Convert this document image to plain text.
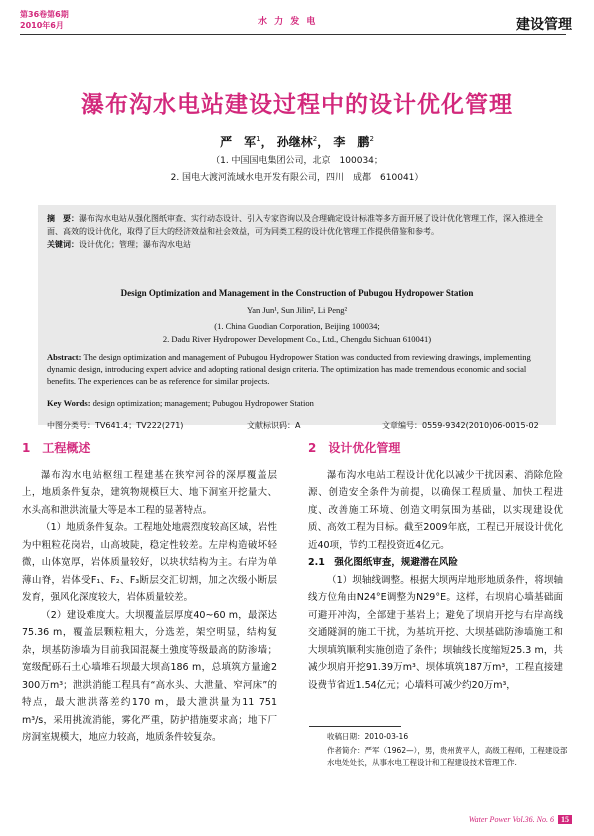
第36卷第6期
2010年6月	水 力 发 电	建设管理
瀑布沟水电站建设过程中的设计优化管理
严　军$^1$， 孙继林$^2$， 李　鹏$^2$
（1. 中国国电集团公司，北京　100034；
2. 国电大渡河流域水电开发有限公司，四川　成都　610041）
摘　要：瀑布沟水电站从强化图纸审查、实行动态设计、引入专家咨询以及合理确定设计标准等多方面开展了设计优化管理工作，深入推进全面、高效的设计优化，取得了巨大的经济效益和社会效益，可为同类工程的设计优化管理工作提供借鉴和参考。
关键词：设计优化；管理；瀑布沟水电站
Design Optimization and Management in the Construction of Pubugou Hydropower Station
Yan Jun¹, Sun Jilin², Li Peng²
(1. China Guodian Corporation, Beijing 100034;
2. Dadu River Hydropower Development Co., Ltd., Chengdu Sichuan 610041)
Abstract: The design optimization and management of Pubugou Hydropower Station was conducted from reviewing drawings, implementing dynamic design, introducing expert advice and adopting rational design criteria. The optimization has made tremendous economic and social benefits. The experiences can be as reference for similar projects.
Key Words: design optimization; management; Pubugou Hydropower Station
中图分类号：TV641.4；TV222(271)	文献标识码：A	文章编号：0559-9342(2010)06-0015-02
1　工程概述

瀑布沟水电站枢纽工程建基在狭窄河谷的深厚覆盖层上，地质条件复杂，建筑物规模巨大、地下洞室开挖量大、水头高和泄洪流量大等是本工程的显著特点。

（1）地质条件复杂。工程地处地震烈度较高区域，岩性为中粗粒花岗岩，山高坡陡，稳定性较差。左岸构造破坏轻微，山体宽厚，岩体质量较好，以块状结构为主。右岸为单薄山脊，岩体受F₁、F₂、F₃断层交汇切割，加之次级小断层发育，强风化深度较大，岩体质量较差。

（2）建设难度大。大坝覆盖层厚度40~60 m，最深达75.36 m，覆盖层颗粒粗大，分选差，架空明显，结构复杂，坝基防渗墙为目前我国混凝土強度等级最高的防渗墙；宽级配砾石土心墙堆石坝最大坝高186 m，总填筑方量逾2 300万m³；泄洪消能工程具有“高水头、大泄量、窄河床”的特点，最大泄洪落差约170 m，最大泄洪量为11 751 m³/s，采用挑流消能，雾化严重，防护措施要求高；地下厂房洞室规模大，地应力较高，地质条件较复杂。

2　设计优化管理

瀑布沟水电站工程设计优化以减少干扰因素、消除危险源、创造安全条件为前提，以确保工程质量、加快工程进度、改善施工环境、创造文明氛围为基础，以实现建设优质、高效工程为目标。截至2009年底，工程已开展设计优化近40项，节约工程投资近4亿元。

2.1　强化图纸审查，规避潜在风险

（1）坝轴线调整。根据大坝两岸地形地质条件，将坝轴线方位角由N24°E调整为N29°E。这样，右坝肩心墙基础面可避开冲沟，全部建于基岩上；避免了坝肩开挖与右岸高线交通隧洞的施工干扰，为基坑开挖、大坝基础防渗墙施工和大坝填筑顺利实施创造了条件；坝轴线长度缩短25.3 m，共减少坝肩开挖91.39万m³、坝体填筑187万m³，工程直接建设费节省近1.54亿元；心墙料可减少约20万m³，

收稿日期：2010-03-16
作者简介：严军（1962—），男，贵州黄平人，高级工程师，工程建设部水电处处长，从事水电工程设计和工程建设技术管理工作.
Water Power Vol.36. No. 6 15
